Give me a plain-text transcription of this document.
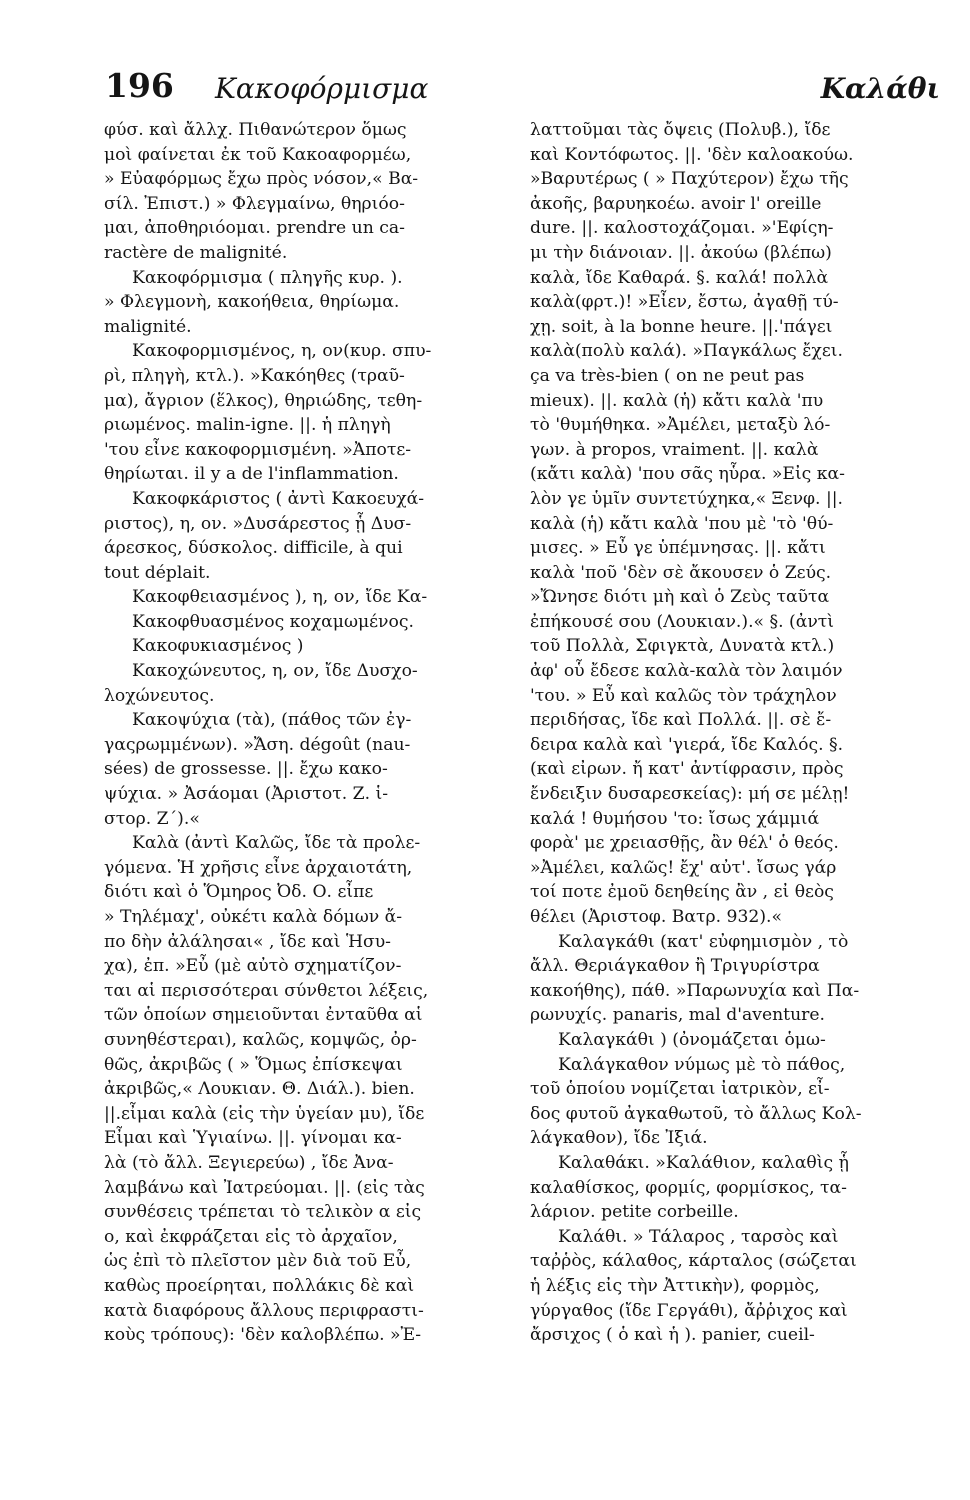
196 Κακοφόρμισμα	Καλάθι
φύσ. καὶ ἄλλχ. Πιθανώτερον ὅμως
μοὶ φαίνεται ἐκ τοῦ Κακοαφορμέω,
» Εὐαφόρμως ἔχω πρὸς νόσον,« Βα-
σίλ. Ἐπιστ.) » Φλεγμαίνω, θηριόο-
μαι, ἀποθηριόομαι. prendre un ca-
ractère de malignité.
Κακοφόρμισμα ( πληγῆς κυρ. ).
» Φλεγμονὴ, κακοήθεια, θηρίωμα.
malignité.
Κακοφορμισμένος, η, ον(κυρ. σπυ-
ρὶ, πληγὴ, κτλ.). »Κακόηθες (τραῦ-
μα), ἄγριον (ἕλκος), θηριώδης, τεθη-
ριωμένος. malin-igne. ||. ἡ πληγὴ
'του εἶνε κακοφορμισμένη. »Ἀποτε-
θηρίωται. il y a de l'inflammation.
Κακοφκάριστος ( ἀντὶ Κακοευχά-
ριστος), η, ον. »Δυσάρεστος ᾗ Δυσ-
άρεσκος, δύσκολος. difficile, à qui
tout déplait.
Κακοφθειασμένος ), η, ον, ἴδε Κα-
Κακοφθυασμένος κοχαμωμένος.
Κακοφυκιασμένος )
Κακοχώνευτος, η, ον, ἴδε Δυσχο-
λοχώνευτος.
Κακοψύχια (τὰ), (πάθος τῶν ἐγ-
γαςρωμμένων). »Ἄση. dégoût (nau-
sées) de grossesse. ||. ἔχω κακο-
ψύχια. » Ἀσάομαι (Ἀριστοτ. Ζ. ἱ-
στορ. Ζ΄).«
Καλὰ (ἀντὶ Καλῶς, ἴδε τὰ προλε-
γόμενα. Ἡ χρῆσις εἶνε ἀρχαιοτάτη,
διότι καὶ ὁ Ὅμηρος Ὀδ. Ο. εἶπε
» Τηλέμαχ', οὐκέτι καλὰ δόμων ἄ-
πο δὴν ἀλάλησαι« , ἴδε καὶ Ἡσυ-
χα), ἐπ. »Εὖ (μὲ αὐτὸ σχηματίζον-
ται αἱ περισσότεραι σύνθετοι λέξεις,
τῶν ὁποίων σημειοῦνται ἐνταῦθα αἱ
συνηθέστεραι), καλῶς, κομψῶς, ὀρ-
θῶς, ἀκριβῶς ( » Ὅμως ἐπίσκεψαι
ἀκριβῶς,« Λουκιαν. Θ. Διάλ.). bien.
||.εἶμαι καλὰ (εἰς τὴν ὑγείαν μυ), ἴδε
Εἶμαι καὶ Ὑγιαίνω. ||. γίνομαι κα-
λὰ (τὸ ἄλλ. Ξεγιερεύω) , ἴδε Ἀνα-
λαμβάνω καὶ Ἰατρεύομαι. ||. (εἰς τὰς
συνθέσεις τρέπεται τὸ τελικὸν α εἰς
ο, καὶ ἐκφράζεται εἰς τὸ ἀρχαῖον,
ὡς ἐπὶ τὸ πλεῖστον μὲν διὰ τοῦ Εὖ,
καθὼς προείρηται, πολλάκις δὲ καὶ
κατὰ διαφόρους ἄλλους περιφραστι-
κοὺς τρόπους): 'δὲν καλοβλέπω. »Ἐ-
λαττοῦμαι τὰς ὄψεις (Πολυβ.), ἴδε
καὶ Κοντόφωτος. ||. 'δὲν καλοακούω.
»Βαρυτέρως ( » Παχύτερον) ἔχω τῆς
ἀκοῆς, βαρυηκοέω. avoir l' oreille
dure. ||. καλοστοχάζομαι. »'Εφίςη-
μι τὴν διάνοιαν. ||. ἀκούω (βλέπω)
καλὰ, ἴδε Καθαρά. §. καλά! πολλὰ
καλὰ(φρτ.)! »Εἶεν, ἔστω, ἀγαθῇ τύ-
χῃ. soit, à la bonne heure. ||.'πάγει
καλὰ(πολὺ καλά). »Παγκάλως ἔχει.
ça va très-bien ( on ne peut pas
mieux). ||. καλὰ (ἡ) κἄτι καλὰ 'πυ
τὸ 'θυμήθηκα. »Ἀμέλει, μεταξὺ λό-
γων. à propos, vraiment. ||. καλὰ
(κἄτι καλὰ) 'που σᾶς ηὗρα. »Εἰς κα-
λὸν γε ὑμῖν συντετύχηκα,« Ξενφ. ||.
καλὰ (ἡ) κἄτι καλὰ 'που μὲ 'τὸ 'θύ-
μισες. » Εὖ γε ὑπέμνησας. ||. κἄτι
καλὰ 'ποῦ 'δὲν σὲ ἄκουσεν ὁ Ζεύς.
»Ὤνησε διότι μὴ καὶ ὁ Ζεὺς ταῦτα
ἐπήκουσέ σου (Λουκιαν.).« §. (ἀντὶ
τοῦ Πολλὰ, Σφιγκτὰ, Δυνατὰ κτλ.)
ἀφ' οὗ ἔδεσε καλὰ-καλὰ τὸν λαιμόν
'του. » Εὖ καὶ καλῶς τὸν τράχηλον
περιδήσας, ἴδε καὶ Πολλά. ||. σὲ ἔ-
δειρα καλὰ καὶ 'γιερά, ἴδε Καλός. §.
(καὶ εἰρων. ἤ κατ' ἀντίφρασιν, πρὸς
ἔνδειξιν δυσαρεσκείας): μή σε μέλῃ!
καλά ! θυμήσου 'το: ἴσως χάμμιά
φορὰ' με χρειασθῇς, ἂν θέλ' ὁ θεός.
»Ἀμέλει, καλῶς! ἔχ' αὐτ'. ἴσως γάρ
τοί ποτε ἐμοῦ δεηθείης ἂν , εἰ θεὸς
θέλει (Ἀριστοφ. Βατρ. 932).«
Καλαγκάθι (κατ' εὐφημισμὸν , τὸ
ἄλλ. Θεριάγκαθον ἢ Τριγυρίστρα
κακοήθης), πάθ. »Παρωνυχία καὶ Πα-
ρωνυχίς. panaris, mal d'aventure.
Καλαγκάθι ) (ὀνομάζεται ὁμω-
Καλάγκαθον νύμως μὲ τὸ πάθος,
τοῦ ὁποίου νομίζεται ἰατρικὸν, εἶ-
δος φυτοῦ ἀγκαθωτοῦ, τὸ ἄλλως Κολ-
λάγκαθον), ἴδε Ἰξιά.
Καλαθάκι. »Καλάθιον, καλαθὶς ᾗ
καλαθίσκος, φορμίς, φορμίσκος, τα-
λάριον. petite corbeille.
Καλάθι. » Τάλαρος , ταρσὸς καὶ
ταῤῥὸς, κάλαθος, κάρταλος (σώζεται
ἡ λέξις εἰς τὴν Ἀττικὴν), φορμὸς,
γύργαθος (ἴδε Γεργάθι), ἄῤῥιχος καὶ
ἄρσιχος ( ὁ καὶ ἡ ). panier, cueil-
